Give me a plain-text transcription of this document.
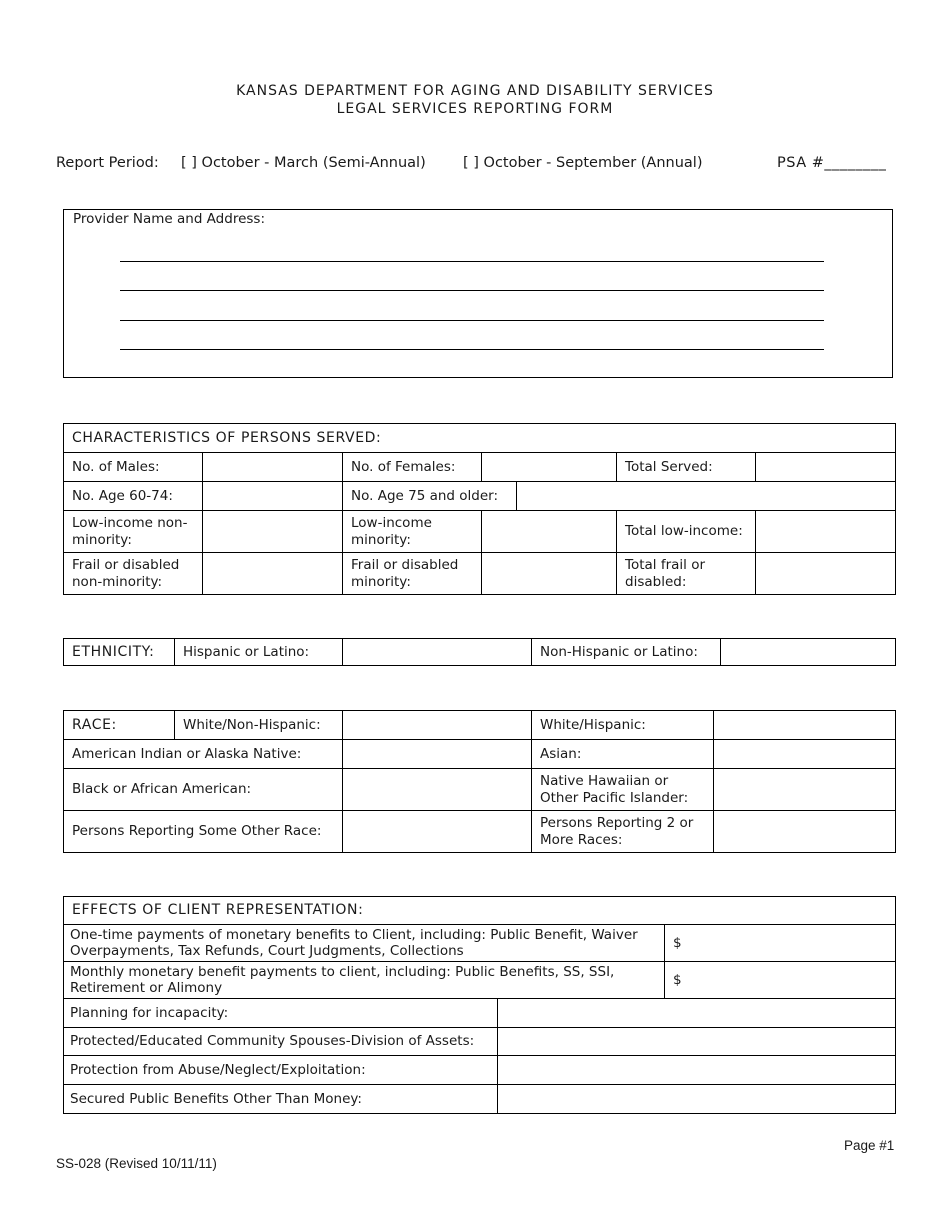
KANSAS DEPARTMENT FOR AGING AND DISABILITY SERVICES
LEGAL SERVICES REPORTING FORM
Report Period: [ ] October - March (Semi-Annual)	[ ] October - September (Annual)	PSA #________
Provider Name and Address:
CHARACTERISTICS OF PERSONS SERVED:						
No. of Males:		No. of Females:			Total Served:	
No. Age 60-74:		No. Age 75 and older:				
Low-income non-minority:		Low-income minority:			Total low-income:	
Frail or disabled non-minority:		Frail or disabled minority:			Total frail or disabled:	
ETHNICITY:	Hispanic or Latino:		Non-Hispanic or Latino:	
RACE:	White/Non-Hispanic:		White/Hispanic:	
American Indian or Alaska Native:			Asian:	
Black or African American:			Native Hawaiian or Other Pacific Islander:	
Persons Reporting Some Other Race:			Persons Reporting 2 or More Races:	
EFFECTS OF CLIENT REPRESENTATION:		
One-time payments of monetary benefits to Client, including: Public Benefit, Waiver Overpayments, Tax Refunds, Court Judgments, Collections		$
Monthly monetary benefit payments to client, including: Public Benefits, SS, SSI, Retirement or Alimony		$
Planning for incapacity:		
Protected/Educated Community Spouses-Division of Assets:		
Protection from Abuse/Neglect/Exploitation:		
Secured Public Benefits Other Than Money:		
Page #1
SS-028 (Revised 10/11/11)
